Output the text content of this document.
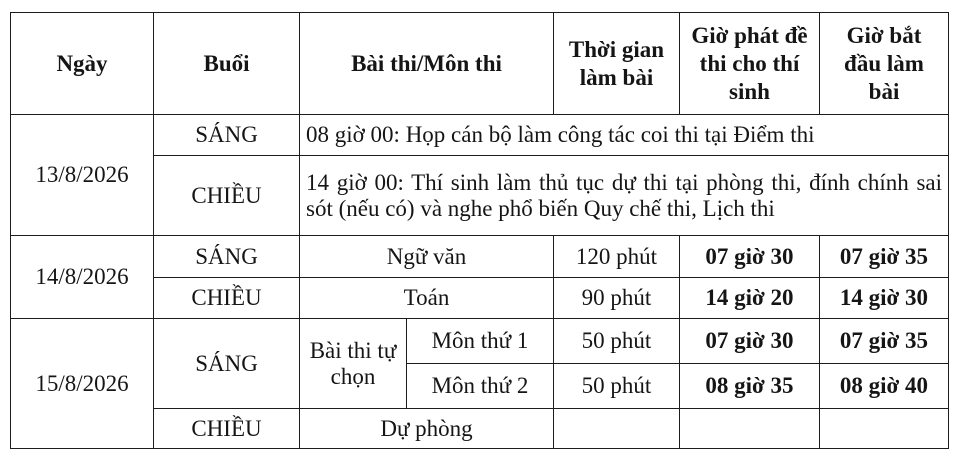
Ngày	Buổi	Bài thi/Môn thi		Thời gian làm bài	Giờ phát đề thi cho thí sinh	Giờ bắt đầu làm bài
13/8/2026	SÁNG	08 giờ 00: Họp cán bộ làm công tác coi thi tại Điểm thi				
	CHIỀU	14 giờ 00: Thí sinh làm thủ tục dự thi tại phòng thi, đính chính sai sót (nếu có) và nghe phổ biến Quy chế thi, Lịch thi				
14/8/2026	SÁNG	Ngữ văn		120 phút	07 giờ 30	07 giờ 35
	CHIỀU	Toán		90 phút	14 giờ 20	14 giờ 30
15/8/2026	SÁNG	Bài thi tự chọn	Môn thứ 1	50 phút	07 giờ 30	07 giờ 35
			Môn thứ 2	50 phút	08 giờ 35	08 giờ 40
	CHIỀU	Dự phòng				
